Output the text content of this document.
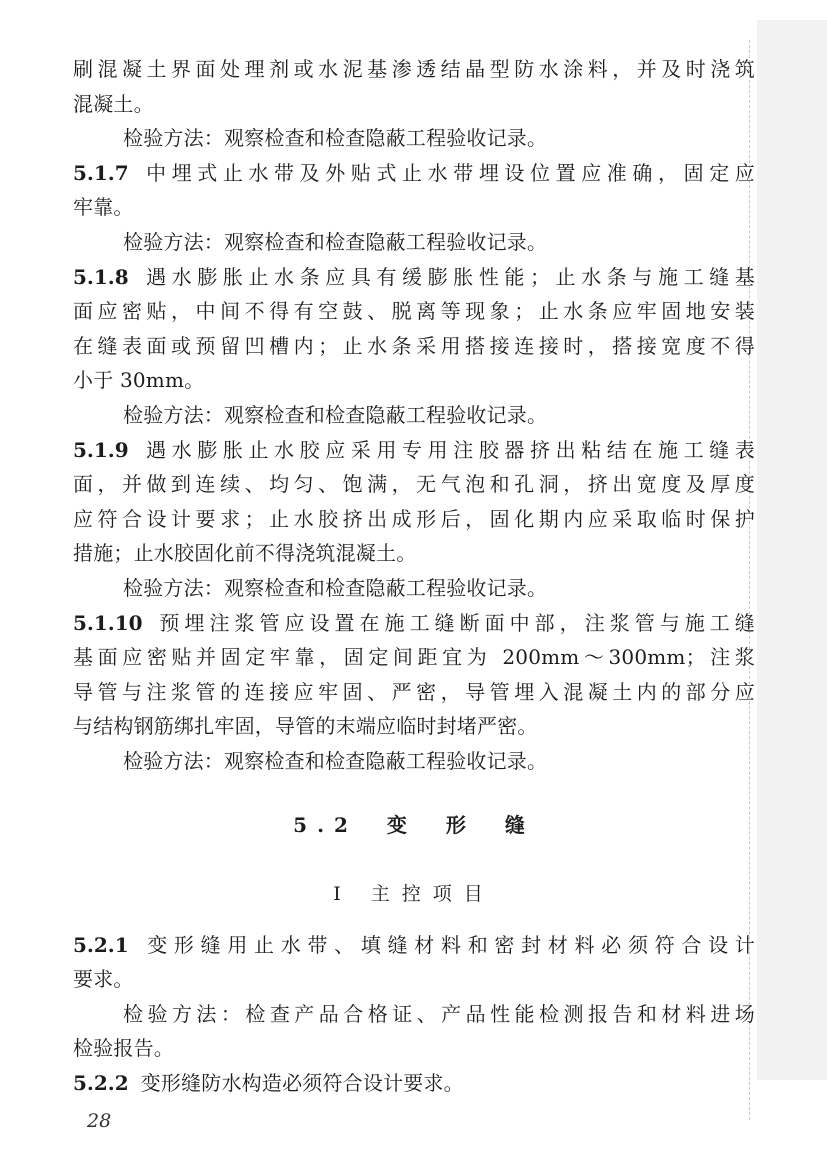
刷混凝土界面处理剂或水泥基渗透结晶型防水涂料，并及时浇筑
混凝土。
检验方法：观察检查和检查隐蔽工程验收记录。
5.1.7 中埋式止水带及外贴式止水带埋设位置应准确，固定应
牢靠。
检验方法：观察检查和检查隐蔽工程验收记录。
5.1.8 遇水膨胀止水条应具有缓膨胀性能；止水条与施工缝基
面应密贴，中间不得有空鼓、脱离等现象；止水条应牢固地安装
在缝表面或预留凹槽内；止水条采用搭接连接时，搭接宽度不得
小于 30mm。
检验方法：观察检查和检查隐蔽工程验收记录。
5.1.9 遇水膨胀止水胶应采用专用注胶器挤出粘结在施工缝表
面，并做到连续、均匀、饱满，无气泡和孔洞，挤出宽度及厚度
应符合设计要求；止水胶挤出成形后，固化期内应采取临时保护
措施；止水胶固化前不得浇筑混凝土。
检验方法：观察检查和检查隐蔽工程验收记录。
5.1.10 预埋注浆管应设置在施工缝断面中部，注浆管与施工缝
基面应密贴并固定牢靠，固定间距宜为 200mm～300mm；注浆
导管与注浆管的连接应牢固、严密，导管埋入混凝土内的部分应
与结构钢筋绑扎牢固，导管的末端应临时封堵严密。
检验方法：观察检查和检查隐蔽工程验收记录。
5.2 变 形 缝
Ⅰ 主控项目
5.2.1 变形缝用止水带、填缝材料和密封材料必须符合设计
要求。
检验方法：检查产品合格证、产品性能检测报告和材料进场
检验报告。
5.2.2 变形缝防水构造必须符合设计要求。
28
